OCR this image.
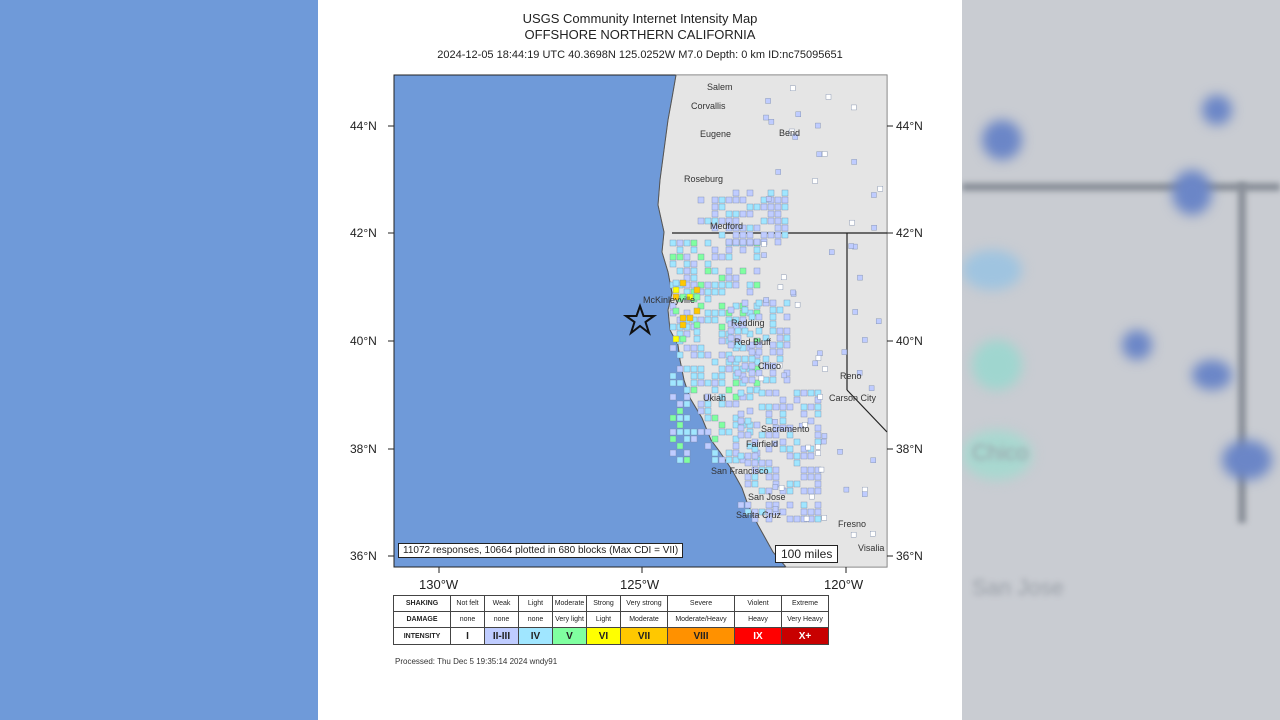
Chico
San Jose
USGS Community Internet Intensity Map
OFFSHORE NORTHERN CALIFORNIA
2024-12-05 18:44:19 UTC 40.3698N 125.0252W M7.0 Depth: 0 km ID:nc75095651
44°N
42°N
40°N
38°N
36°N
44°N
42°N
40°N
38°N
36°N
130°W	125°W	120°W
Salem
Corvallis
Eugene	Bend
Roseburg
Medford
McKinleyville
Redding
Red Bluff
Chico
Reno
Carson City
Ukiah
Sacramento
Fairfield
San Francisco
San Jose
Santa Cruz
Fresno
Visalia
11072 responses, 10664 plotted in 680 blocks (Max CDI = VII)	100 miles
SHAKING	Not felt	Weak	Light	Moderate	Strong	Very strong	Severe	Violent	Extreme
DAMAGE	none	none	none	Very light	Light	Moderate	Moderate/Heavy	Heavy	Very Heavy
INTENSITY	I	II-III	IV	V	VI	VII	VIII	IX	X+
Processed: Thu Dec 5 19:35:14 2024 wndy91
